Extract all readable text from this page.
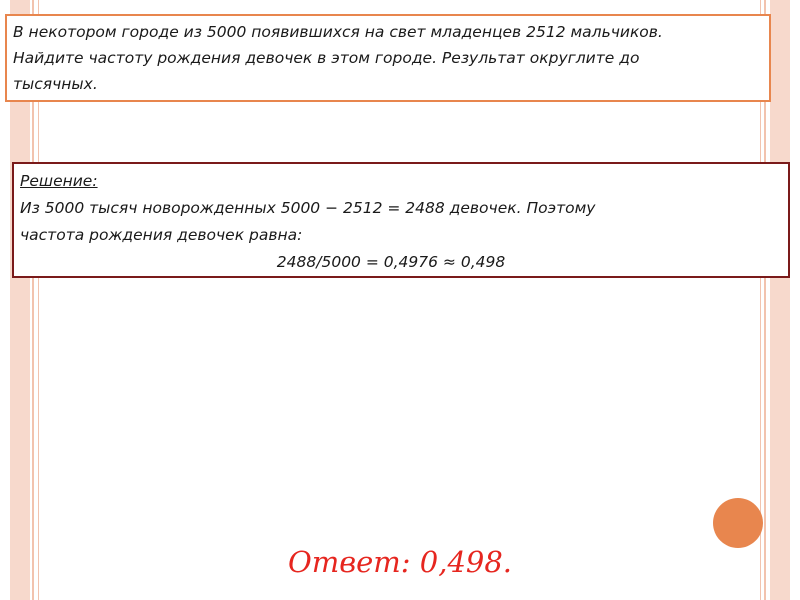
В некотором городе из 5000 появившихся на свет младенцев 2512 мальчиков.
Найдите частоту рождения девочек в этом городе. Результат округлите до
тысячных.
Решение:
Из 5000 тысяч новорожденных 5000 − 2512 = 2488 девочек. Поэтому
частота рождения девочек равна:
2488/5000 = 0,4976 ≈ 0,498
Ответ: 0,498.
